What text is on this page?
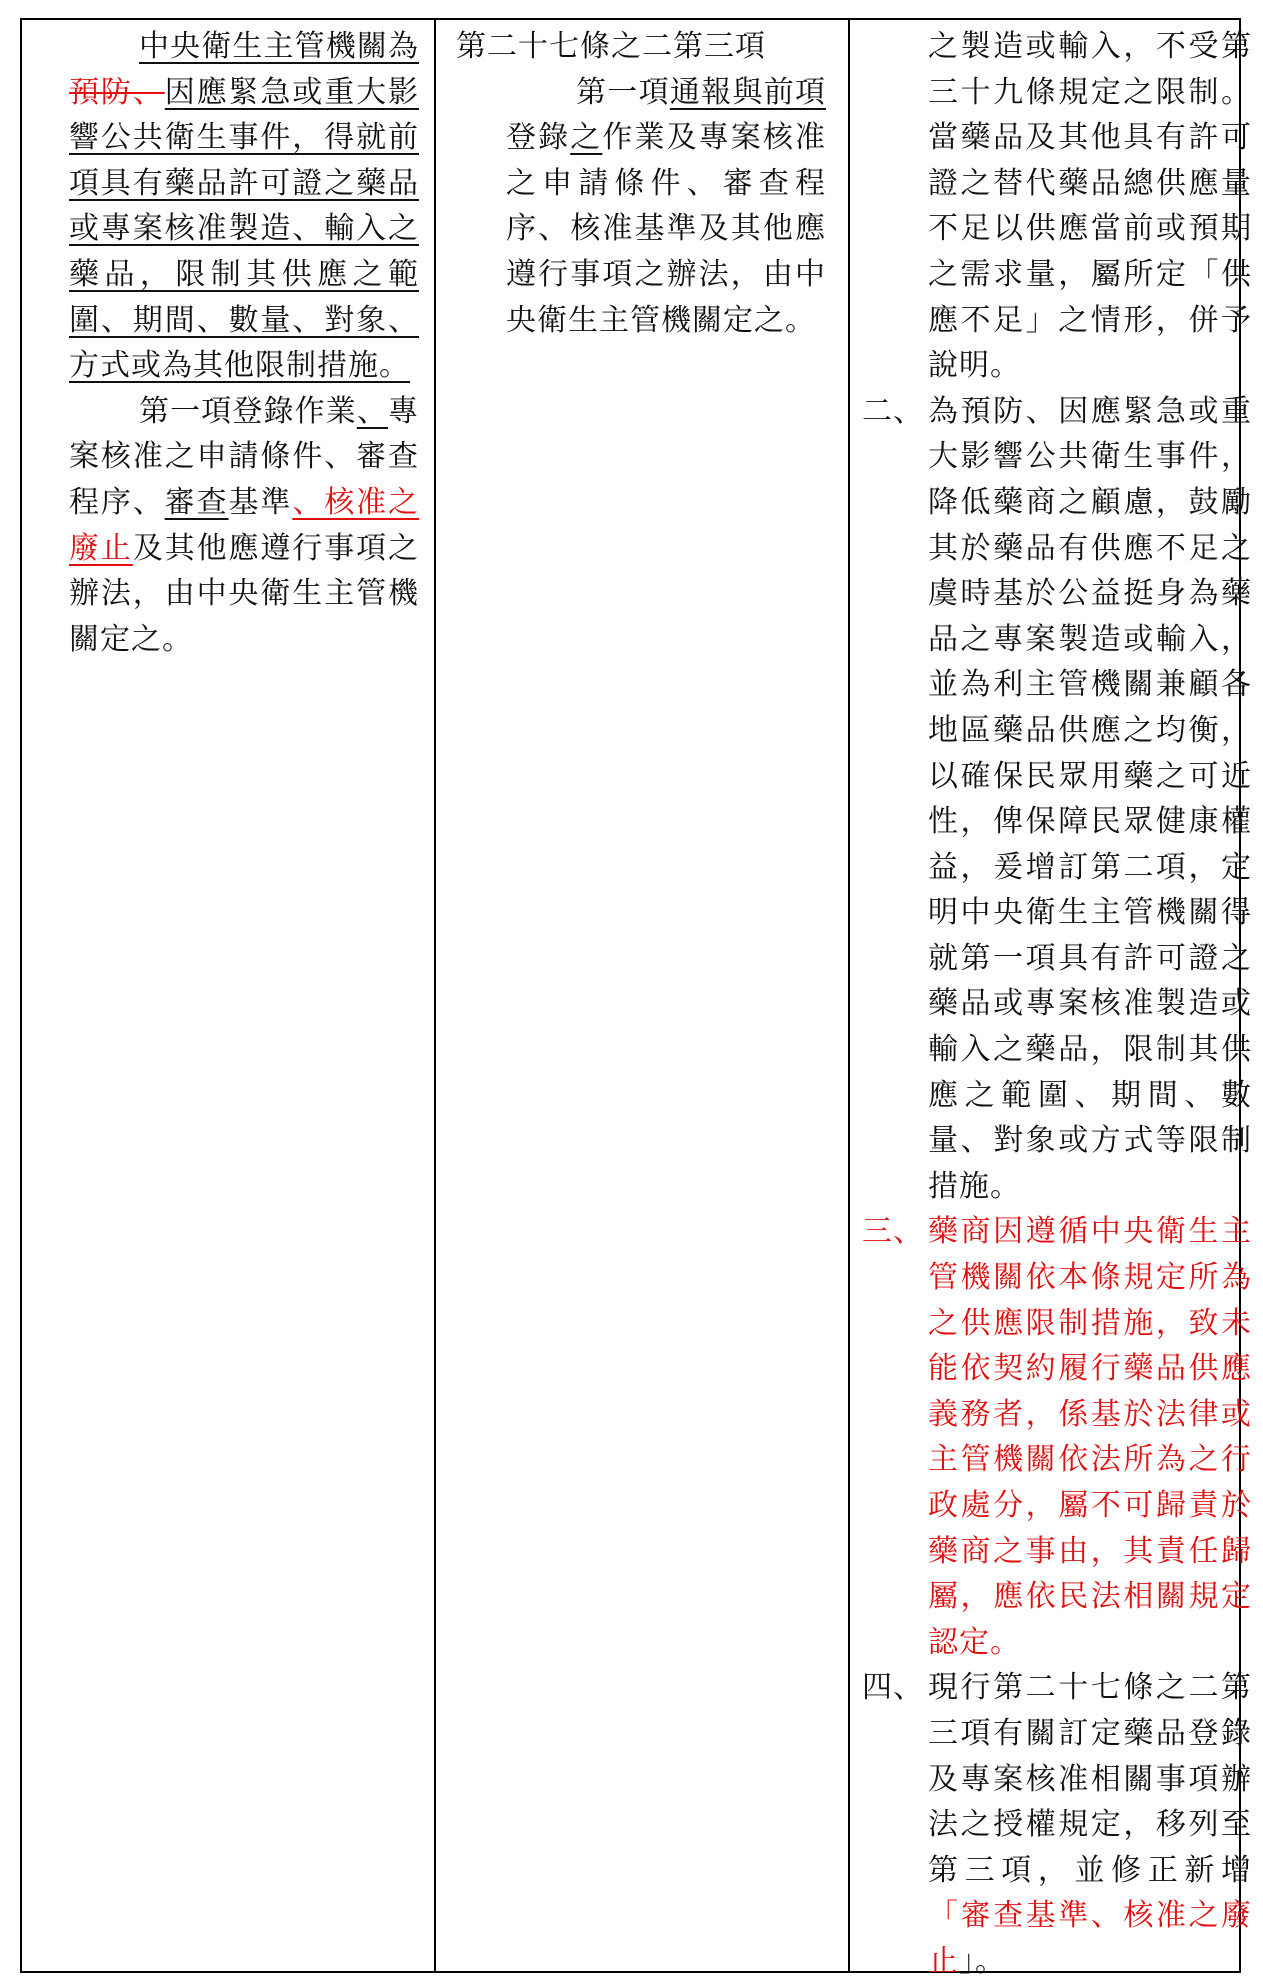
中央衛生主管機關為預防、因應緊急或重大影響公共衛生事件，得就前項具有藥品許可證之藥品或專案核准製造、輸入之藥品，限制其供應之範圍、期間、數量、對象、方式或為其他限制措施。

第一項登錄作業、專案核准之申請條件、審查程序、審查基準、核准之廢止及其他應遵行事項之辦法，由中央衛生主管機關定之。

第二十七條之二第三項

第一項通報與前項登錄之作業及專案核准之申請條件、審查程序、核准基準及其他應遵行事項之辦法，由中央衛生主管機關定之。

之製造或輸入，不受第三十九條規定之限制。當藥品及其他具有許可證之替代藥品總供應量不足以供應當前或預期之需求量，屬所定「供應不足」之情形，併予說明。

二、 為預防、因應緊急或重大影響公共衛生事件，降低藥商之顧慮，鼓勵其於藥品有供應不足之虞時基於公益挺身為藥品之專案製造或輸入，並為利主管機關兼顧各地區藥品供應之均衡，以確保民眾用藥之可近性，俾保障民眾健康權益，爰增訂第二項，定明中央衛生主管機關得就第一項具有許可證之藥品或專案核准製造或輸入之藥品，限制其供應之範圍、期間、數量、對象或方式等限制措施。
三、 藥商因遵循中央衛生主管機關依本條規定所為之供應限制措施，致未能依契約履行藥品供應義務者，係基於法律或主管機關依法所為之行政處分，屬不可歸責於藥商之事由，其責任歸屬，應依民法相關規定認定。
四、 現行第二十七條之二第三項有關訂定藥品登錄及專案核准相關事項辦法之授權規定，移列至第三項，並修正新增「審查基準、核准之廢止」。
